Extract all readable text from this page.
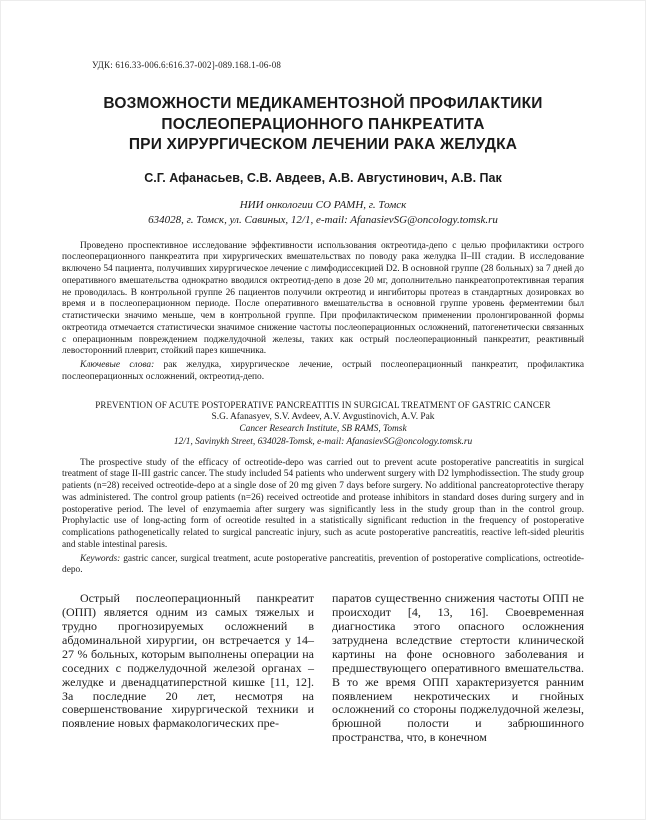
УДК: 616.33-006.6:616.37-002]-089.168.1-06-08
ВОЗМОЖНОСТИ МЕДИКАМЕНТОЗНОЙ ПРОФИЛАКТИКИ
ПОСЛЕОПЕРАЦИОННОГО ПАНКРЕАТИТА
ПРИ ХИРУРГИЧЕСКОМ ЛЕЧЕНИИ РАКА ЖЕЛУДКА
С.Г. Афанасьев, С.В. Авдеев, А.В. Августинович, А.В. Пак
НИИ онкологии СО РАМН, г. Томск
634028, г. Томск, ул. Савиных, 12/1, e-mail: AfanasievSG@oncology.tomsk.ru

Проведено проспективное исследование эффективности использования октреотида-депо с целью профилактики острого послеоперационного панкреатита при хирургических вмешательствах по поводу рака желудка II–III стадии. В исследование включено 54 пациента, получивших хирургическое лечение с лимфодиссекцией D2. В основной группе (28 больных) за 7 дней до оперативного вмешательства однократно вводился октреотид-депо в дозе 20 мг, дополнительно панкреатопротективная терапия не проводилась. В контрольной группе 26 пациентов получили октреотид и ингибиторы протеаз в стандартных дозировках во время и в послеоперационном периоде. После оперативного вмешательства в основной группе уровень ферментемии был статистически значимо меньше, чем в контрольной группе. При профилактическом применении пролонгированной формы октреотида отмечается статистически значимое снижение частоты послеоперационных осложнений, патогенетически связанных с операционным повреждением поджелудочной железы, таких как острый послеоперационный панкреатит, реактивный левосторонний плеврит, стойкий парез кишечника.

Ключевые слова: рак желудка, хирургическое лечение, острый послеоперационный панкреатит, профилактика послеоперационных осложнений, октреотид-депо.

PREVENTION OF ACUTE POSTOPERATIVE PANCREATITIS IN SURGICAL TREATMENT OF GASTRIC CANCER
S.G. Afanasyev, S.V. Avdeev, A.V. Avgustinovich, A.V. Pak
Cancer Research Institute, SB RAMS, Tomsk
12/1, Savinykh Street, 634028-Tomsk, e-mail: AfanasievSG@oncology.tomsk.ru

The prospective study of the efficacy of octreotide-depo was carried out to prevent acute postoperative pancreatitis in surgical treatment of stage II-III gastric cancer. The study included 54 patients who underwent surgery with D2 lymphodissection. The study group patients (n=28) received octreotide-depo at a single dose of 20 mg given 7 days before surgery. No additional pancreatoprotective therapy was administered. The control group patients (n=26) received octreotide and protease inhibitors in standard doses during surgery and in postoperative period. The level of enzymaemia after surgery was significantly less in the study group than in the control group. Prophylactic use of long-acting form of ocreotide resulted in a statistically significant reduction in the frequency of postoperative complications pathogenetically related to surgical pancreatic injury, such as acute postoperative pancreatitis, reactive left-sided pleuritis and stable intestinal paresis.

Keywords: gastric cancer, surgical treatment, acute postoperative pancreatitis, prevention of postoperative complications, octreotide-depo.

Острый послеоперационный панкреатит (ОПП) является одним из самых тяжелых и трудно прогнозируемых осложнений в абдоминальной хирургии, он встречается у 14–27 % больных, которым выполнены операции на соседних с поджелудочной железой органах – желудке и двенадцатиперстной кишке [11, 12]. За последние 20 лет, несмотря на совершенствование хирургической техники и появление новых фармакологических пре-

паратов существенно снижения частоты ОПП не происходит [4, 13, 16]. Своевременная диагностика этого опасного осложнения затруднена вследствие стертости клинической картины на фоне основного заболевания и предшествующего оперативного вмешательства. В то же время ОПП характеризуется ранним появлением некротических и гнойных осложнений со стороны поджелудочной железы, брюшной полости и забрюшинного пространства, что, в конечном
